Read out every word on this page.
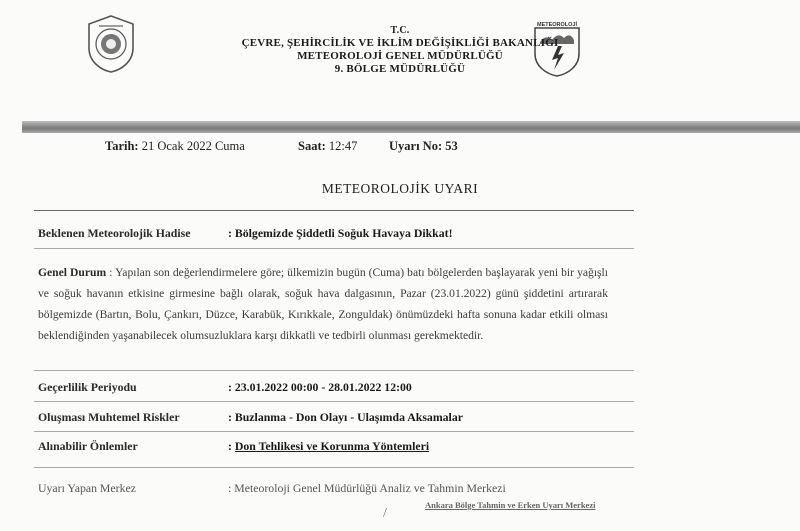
METEOROLOJİ
T.C.
ÇEVRE, ŞEHİRCİLİK VE İKLİM DEĞİŞİKLİĞİ BAKANLIĞI
METEOROLOJİ GENEL MÜDÜRLÜĞÜ
9. BÖLGE MÜDÜRLÜĞÜ
Tarih: 21 Ocak 2022 Cuma	Saat: 12:47	Uyarı No: 53
METEOROLOJİK UYARI
Beklenen Meteorolojik Hadise	: Bölgemizde Şiddetli Soğuk Havaya Dikkat!
Genel Durum : Yapılan son değerlendirmelere göre; ülkemizin bugün (Cuma) batı bölgelerden başlayarak yeni bir yağışlı ve soğuk havanın etkisine girmesine bağlı olarak, soğuk hava dalgasının, Pazar (23.01.2022) günü şiddetini artırarak bölgemizde (Bartın, Bolu, Çankırı, Düzce, Karabük, Kırıkkale, Zonguldak) önümüzdeki hafta sonuna kadar etkili olması beklendiğinden yaşanabilecek olumsuzluklara karşı dikkatli ve tedbirli olunması gerekmektedir.
Geçerlilik Periyodu	: 23.01.2022 00:00 - 28.01.2022 12:00
Oluşması Muhtemel Riskler	: Buzlanma - Don Olayı - Ulaşımda Aksamalar
Alınabilir Önlemler	: Don Tehlikesi ve Korunma Yöntemleri
Uyarı Yapan Merkez	: Meteoroloji Genel Müdürlüğü Analiz ve Tahmin Merkezi
/
Ankara Bölge Tahmin ve Erken Uyarı Merkezi
